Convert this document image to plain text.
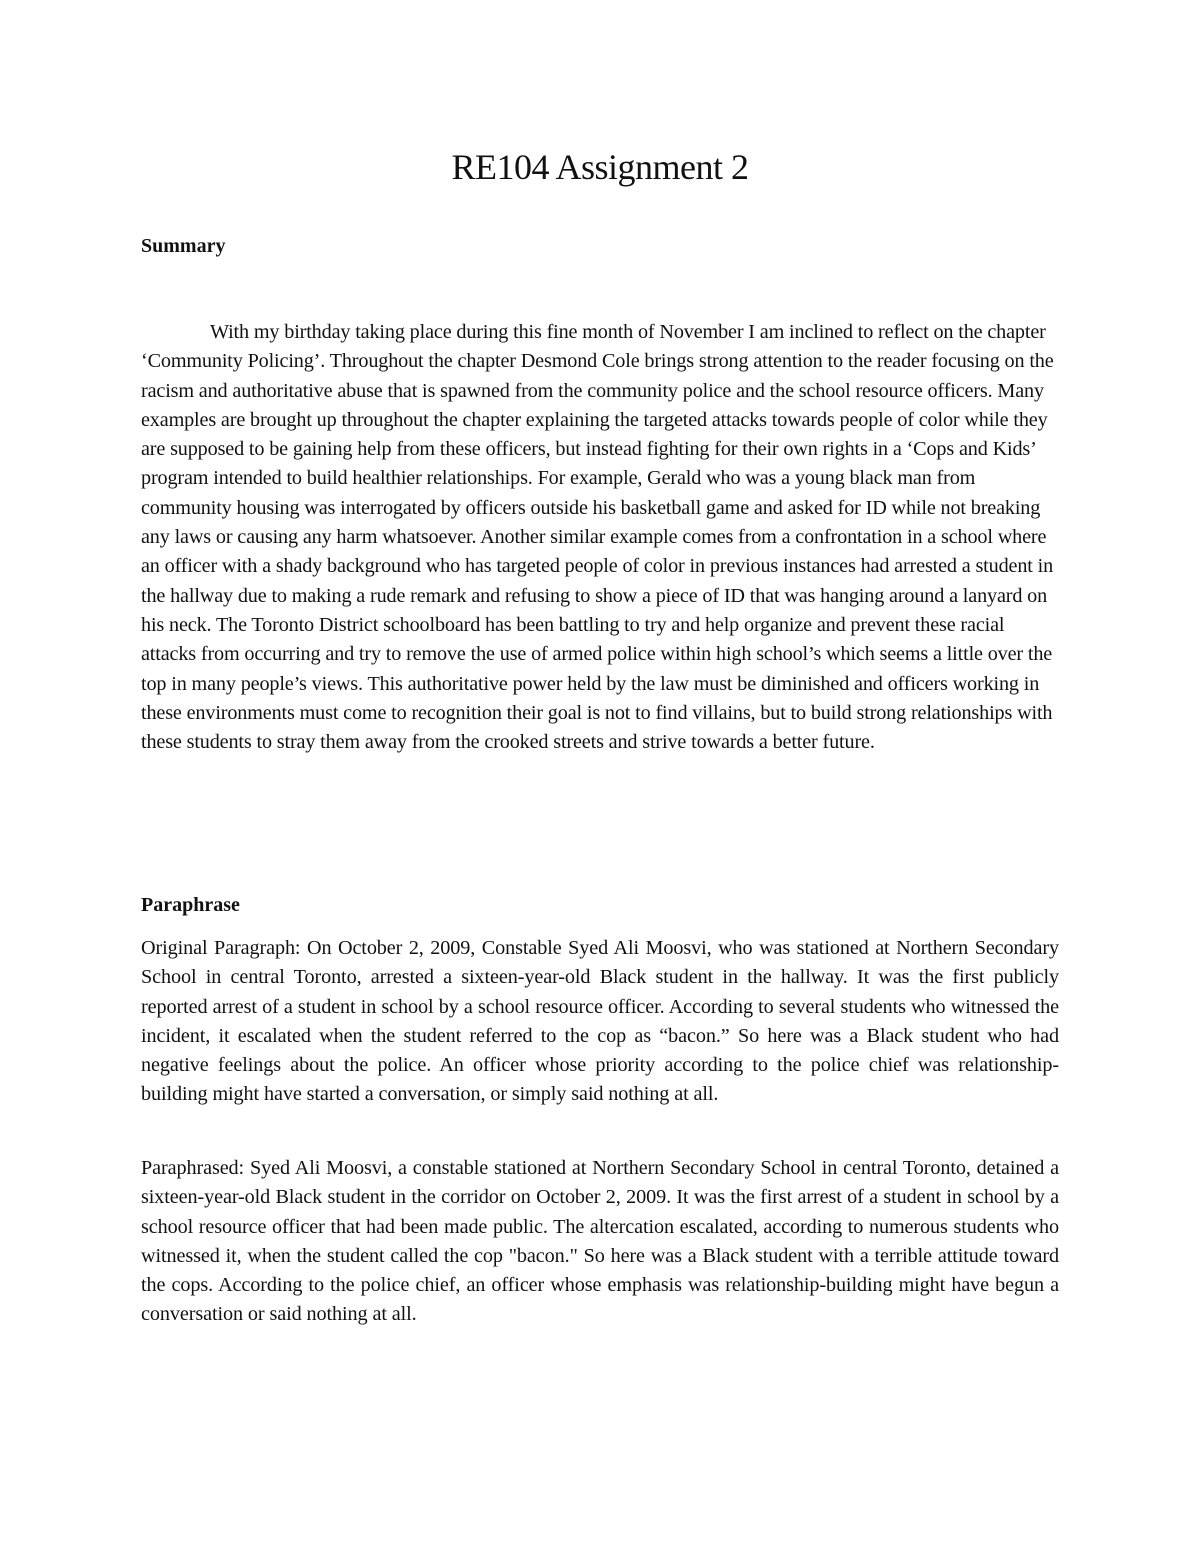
RE104 Assignment 2
Summary

With my birthday taking place during this fine month of November I am inclined to reflect on the chapter ‘Community Policing’. Throughout the chapter Desmond Cole brings strong attention to the reader focusing on the racism and authoritative abuse that is spawned from the community police and the school resource officers. Many examples are brought up throughout the chapter explaining the targeted attacks towards people of color while they are supposed to be gaining help from these officers, but instead fighting for their own rights in a ‘Cops and Kids’ program intended to build healthier relationships. For example, Gerald who was a young black man from community housing was interrogated by officers outside his basketball game and asked for ID while not breaking any laws or causing any harm whatsoever. Another similar example comes from a confrontation in a school where an officer with a shady background who has targeted people of color in previous instances had arrested a student in the hallway due to making a rude remark and refusing to show a piece of ID that was hanging around a lanyard on his neck. The Toronto District schoolboard has been battling to try and help organize and prevent these racial attacks from occurring and try to remove the use of armed police within high school’s which seems a little over the top in many people’s views. This authoritative power held by the law must be diminished and officers working in these environments must come to recognition their goal is not to find villains, but to build strong relationships with these students to stray them away from the crooked streets and strive towards a better future.

Paraphrase

Original Paragraph: On October 2, 2009, Constable Syed Ali Moosvi, who was stationed at Northern Secondary School in central Toronto, arrested a sixteen-year-old Black student in the hallway. It was the first publicly reported arrest of a student in school by a school resource officer. According to several students who witnessed the incident, it escalated when the student referred to the cop as “bacon.” So here was a Black student who had negative feelings about the police. An officer whose priority according to the police chief was relationship-building might have started a conversation, or simply said nothing at all.

Paraphrased: Syed Ali Moosvi, a constable stationed at Northern Secondary School in central Toronto, detained a sixteen-year-old Black student in the corridor on October 2, 2009. It was the first arrest of a student in school by a school resource officer that had been made public. The altercation escalated, according to numerous students who witnessed it, when the student called the cop "bacon." So here was a Black student with a terrible attitude toward the cops. According to the police chief, an officer whose emphasis was relationship-building might have begun a conversation or said nothing at all.
